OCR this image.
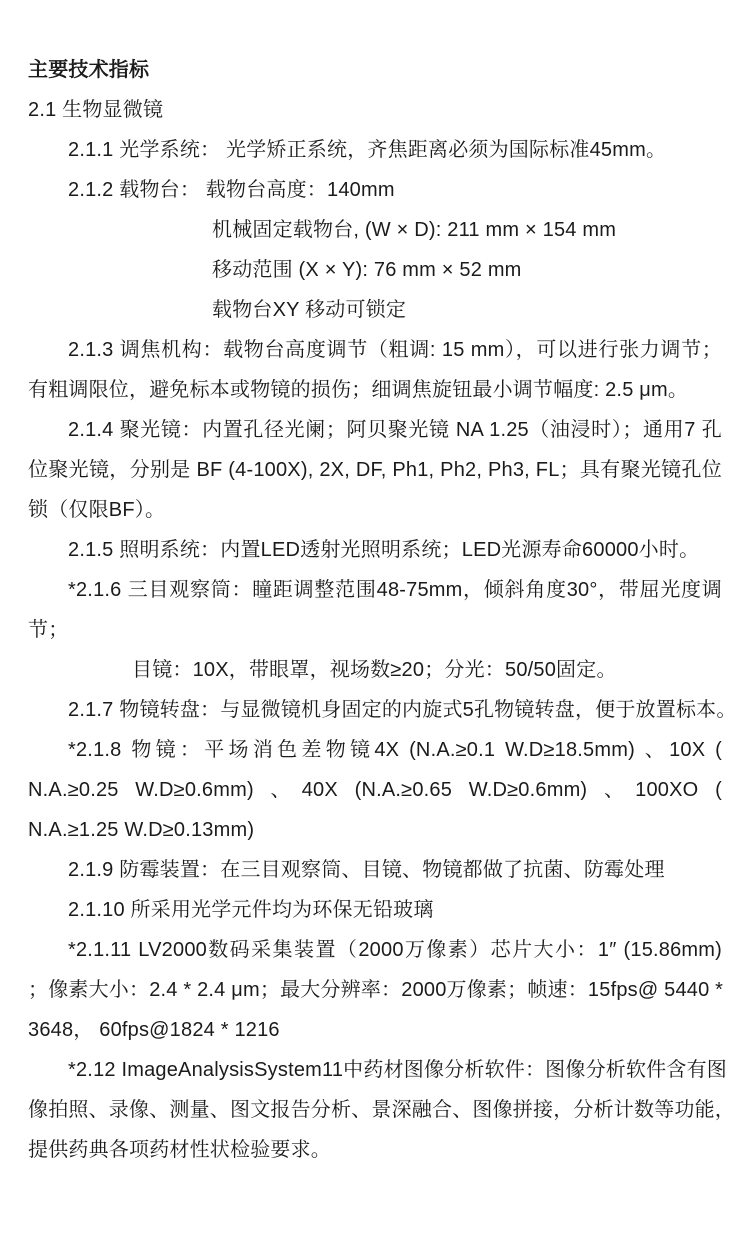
主要技术指标

2.1 生物显微镜

2.1.1 光学系统： 光学矫正系统，齐焦距离必须为国际标准45mm。

2.1.2 载物台： 载物台高度：140mm

机械固定载物台, (W × D): 211 mm × 154 mm

移动范围 (X × Y): 76 mm × 52 mm

载物台XY 移动可锁定

2.1.3 调焦机构：载物台高度调节（粗调: 15 mm），可以进行张力调节；

有粗调限位，避免标本或物镜的损伤；细调焦旋钮最小调节幅度: 2.5 μm。

2.1.4 聚光镜：内置孔径光阑；阿贝聚光镜 NA 1.25（油浸时）；通用7 孔

位聚光镜，分别是 BF (4-100X), 2X, DF, Ph1, Ph2, Ph3, FL；具有聚光镜孔位

锁（仅限BF）。

2.1.5 照明系统：内置LED透射光照明系统；LED光源寿命60000小时。

*2.1.6 三目观察筒：瞳距调整范围48-75mm，倾斜角度30°，带屈光度调

节；

目镜：10X，带眼罩，视场数≥20；分光：50/50固定。

2.1.7 物镜转盘：与显微镜机身固定的内旋式5孔物镜转盘，便于放置标本。

*2.1.8 物镜：平场消色差物镜4X (N.A.≥0.1 W.D≥18.5mm) 、10X (

N.A.≥0.25 W.D≥0.6mm) 、40X (N.A.≥0.65 W.D≥0.6mm) 、100XO (

N.A.≥1.25 W.D≥0.13mm)

2.1.9 防霉装置：在三目观察筒、目镜、物镜都做了抗菌、防霉处理

2.1.10 所采用光学元件均为环保无铅玻璃

*2.1.11 LV2000数码采集装置（2000万像素）芯片大小：1″ (15.86mm)

；像素大小：2.4 * 2.4 μm；最大分辨率：2000万像素；帧速：15fps@ 5440 *

3648， 60fps@1824 * 1216

*2.12 ImageAnalysisSystem11中药材图像分析软件：图像分析软件含有图

像拍照、录像、测量、图文报告分析、景深融合、图像拼接，分析计数等功能，

提供药典各项药材性状检验要求。
